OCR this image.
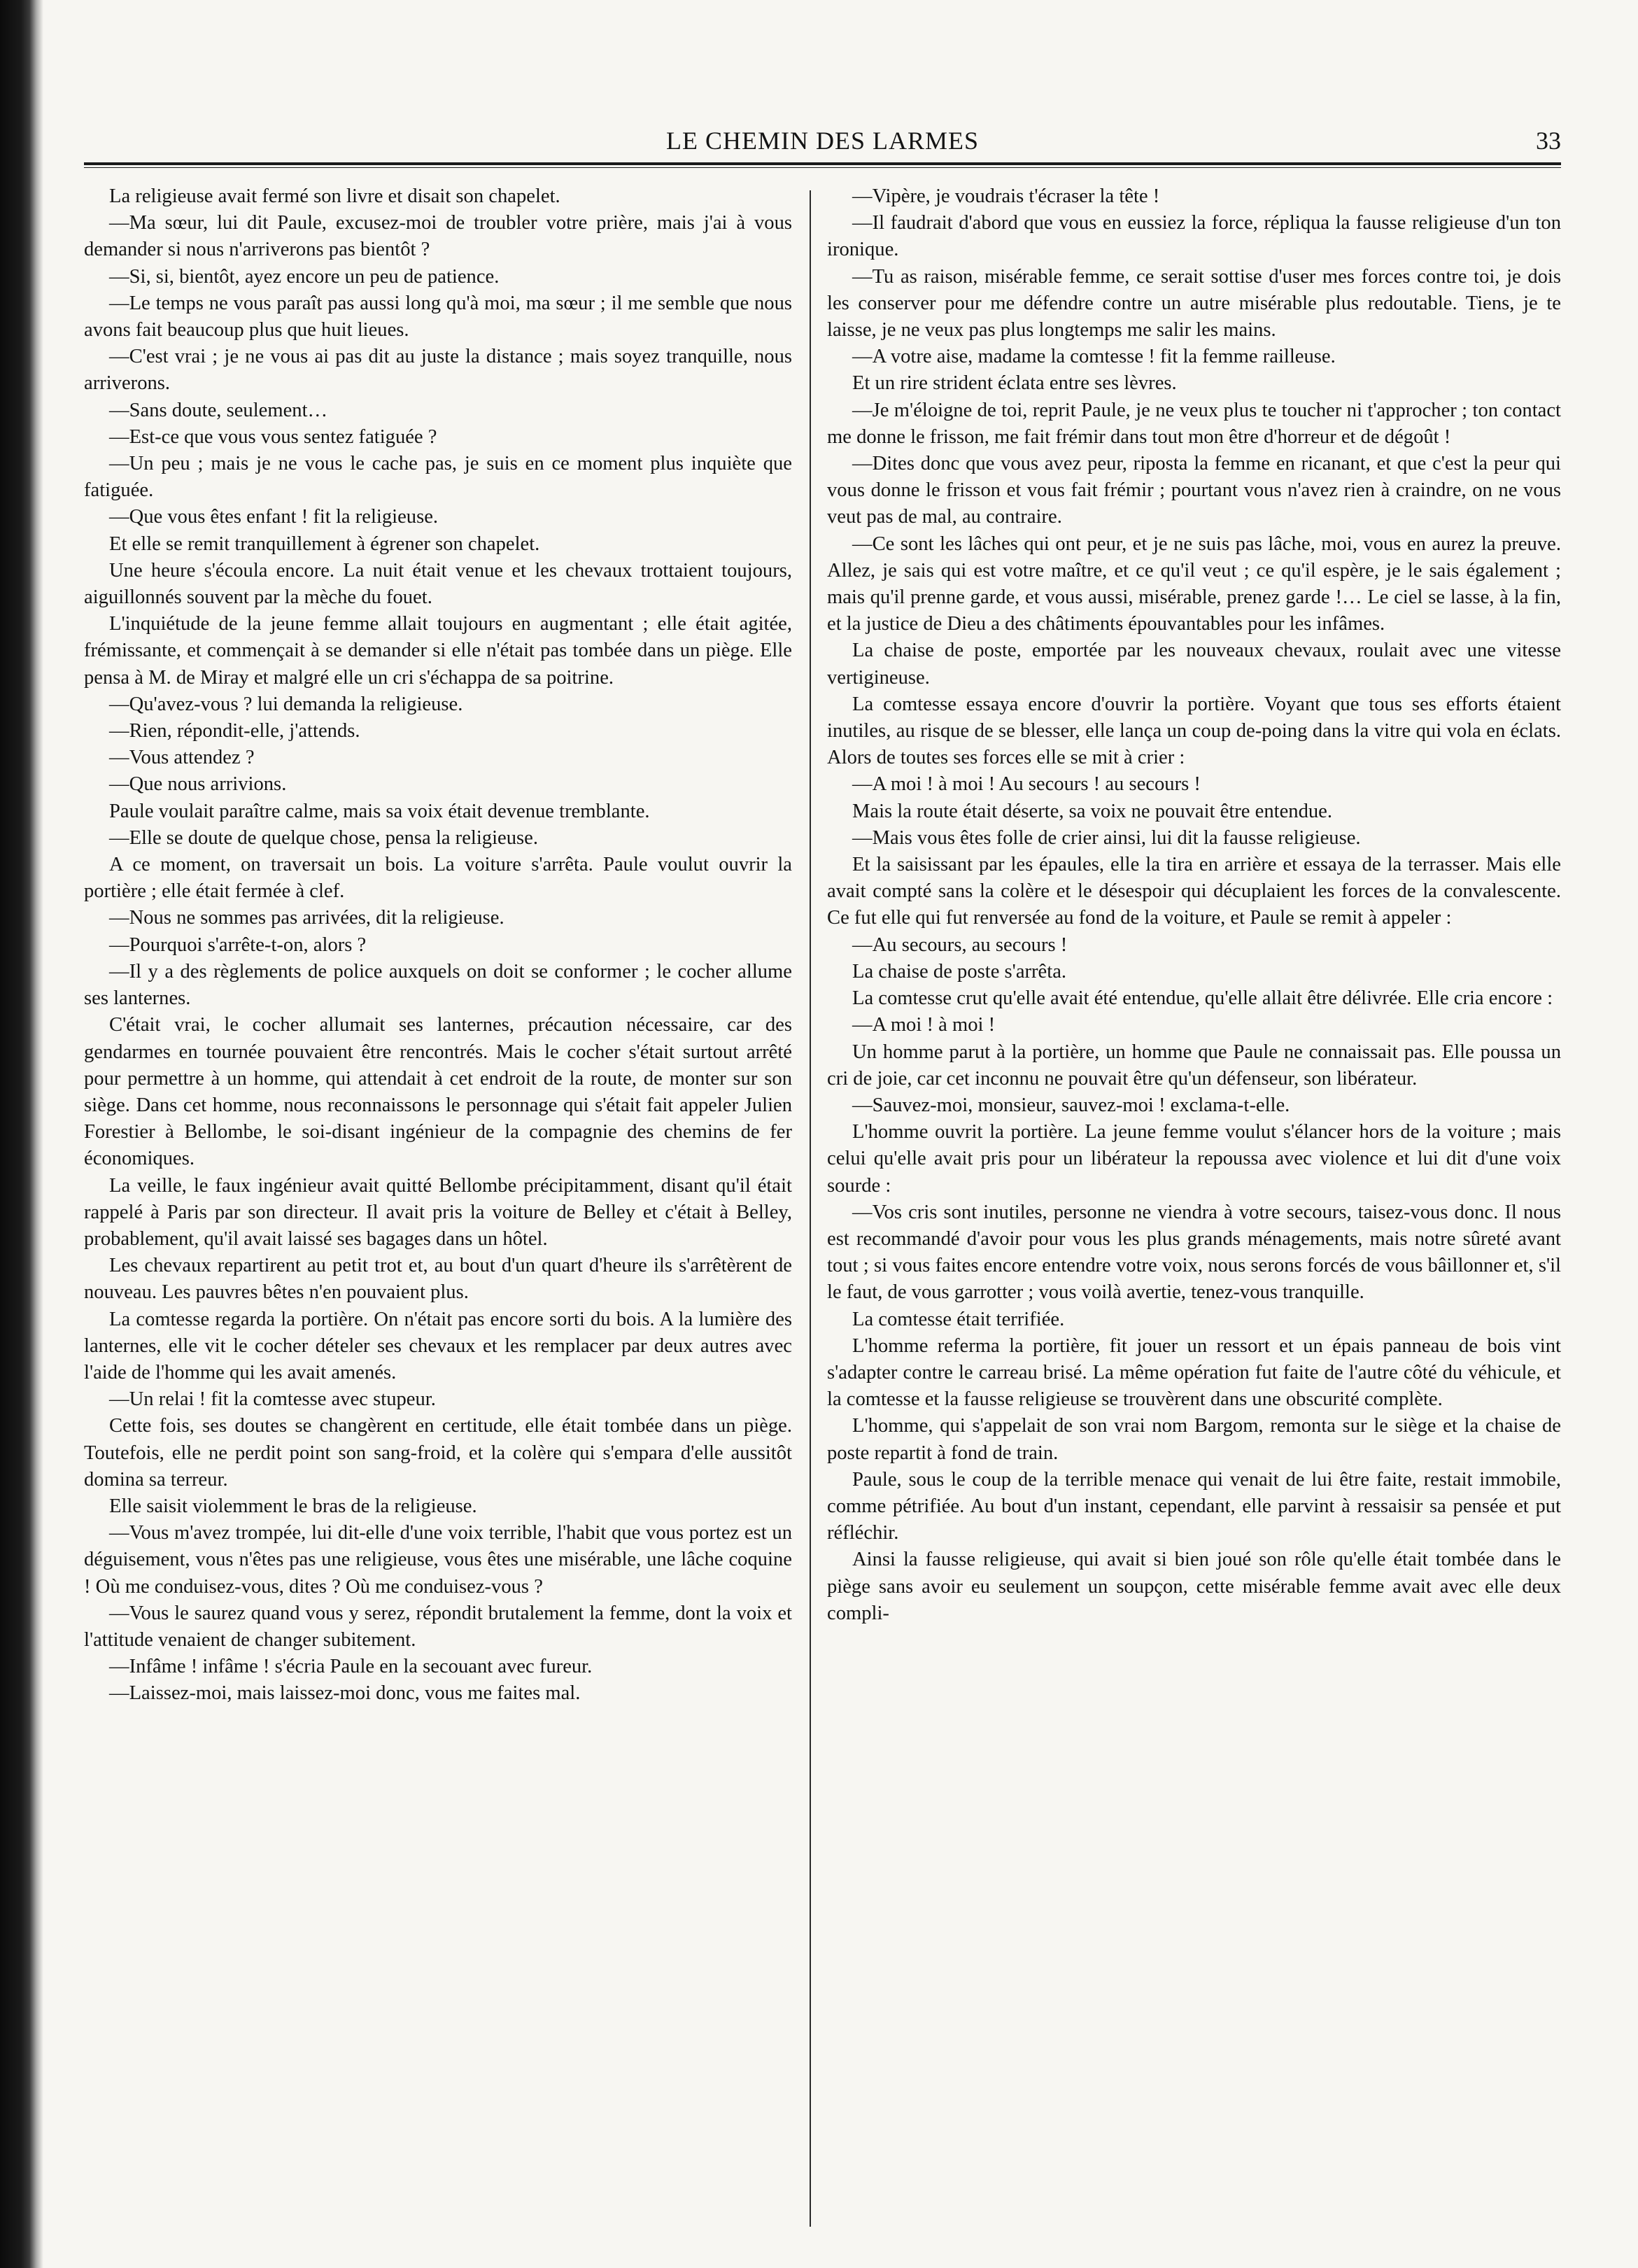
LE CHEMIN DES LARMES	33

La religieuse avait fermé son livre et disait son chapelet.

—Ma sœur, lui dit Paule, excusez-moi de troubler votre prière, mais j'ai à vous demander si nous n'arriverons pas bientôt ?

—Si, si, bientôt, ayez encore un peu de patience.

—Le temps ne vous paraît pas aussi long qu'à moi, ma sœur ; il me semble que nous avons fait beaucoup plus que huit lieues.

—C'est vrai ; je ne vous ai pas dit au juste la distance ; mais soyez tranquille, nous arriverons.

—Sans doute, seulement…

—Est-ce que vous vous sentez fatiguée ?

—Un peu ; mais je ne vous le cache pas, je suis en ce moment plus inquiète que fatiguée.

—Que vous êtes enfant ! fit la religieuse.

Et elle se remit tranquillement à égrener son chapelet.

Une heure s'écoula encore. La nuit était venue et les chevaux trottaient toujours, aiguillonnés souvent par la mèche du fouet.

L'inquiétude de la jeune femme allait toujours en augmentant ; elle était agitée, frémissante, et commençait à se demander si elle n'était pas tombée dans un piège. Elle pensa à M. de Miray et malgré elle un cri s'échappa de sa poitrine.

—Qu'avez-vous ? lui demanda la religieuse.

—Rien, répondit-elle, j'attends.

—Vous attendez ?

—Que nous arrivions.

Paule voulait paraître calme, mais sa voix était devenue tremblante.

—Elle se doute de quelque chose, pensa la religieuse.

A ce moment, on traversait un bois. La voiture s'arrêta. Paule voulut ouvrir la portière ; elle était fermée à clef.

—Nous ne sommes pas arrivées, dit la religieuse.

—Pourquoi s'arrête-t-on, alors ?

—Il y a des règlements de police auxquels on doit se conformer ; le cocher allume ses lanternes.

C'était vrai, le cocher allumait ses lanternes, précaution nécessaire, car des gendarmes en tournée pouvaient être rencontrés. Mais le cocher s'était surtout arrêté pour permettre à un homme, qui attendait à cet endroit de la route, de monter sur son siège. Dans cet homme, nous reconnaissons le personnage qui s'était fait appeler Julien Forestier à Bellombe, le soi-disant ingénieur de la compagnie des chemins de fer économiques.

La veille, le faux ingénieur avait quitté Bellombe précipitamment, disant qu'il était rappelé à Paris par son directeur. Il avait pris la voiture de Belley et c'était à Belley, probablement, qu'il avait laissé ses bagages dans un hôtel.

Les chevaux repartirent au petit trot et, au bout d'un quart d'heure ils s'arrêtèrent de nouveau. Les pauvres bêtes n'en pouvaient plus.

La comtesse regarda la portière. On n'était pas encore sorti du bois. A la lumière des lanternes, elle vit le cocher dételer ses chevaux et les remplacer par deux autres avec l'aide de l'homme qui les avait amenés.

—Un relai ! fit la comtesse avec stupeur.

Cette fois, ses doutes se changèrent en certitude, elle était tombée dans un piège. Toutefois, elle ne perdit point son sang-froid, et la colère qui s'empara d'elle aussitôt domina sa terreur.

Elle saisit violemment le bras de la religieuse.

—Vous m'avez trompée, lui dit-elle d'une voix terrible, l'habit que vous portez est un déguisement, vous n'êtes pas une religieuse, vous êtes une misérable, une lâche coquine ! Où me conduisez-vous, dites ? Où me conduisez-vous ?

—Vous le saurez quand vous y serez, répondit brutalement la femme, dont la voix et l'attitude venaient de changer subitement.

—Infâme ! infâme ! s'écria Paule en la secouant avec fureur.

—Laissez-moi, mais laissez-moi donc, vous me faites mal.

—Vipère, je voudrais t'écraser la tête !

—Il faudrait d'abord que vous en eussiez la force, répliqua la fausse religieuse d'un ton ironique.

—Tu as raison, misérable femme, ce serait sottise d'user mes forces contre toi, je dois les conserver pour me défendre contre un autre misérable plus redoutable. Tiens, je te laisse, je ne veux pas plus longtemps me salir les mains.

—A votre aise, madame la comtesse ! fit la femme railleuse.

Et un rire strident éclata entre ses lèvres.

—Je m'éloigne de toi, reprit Paule, je ne veux plus te toucher ni t'approcher ; ton contact me donne le frisson, me fait frémir dans tout mon être d'horreur et de dégoût !

—Dites donc que vous avez peur, riposta la femme en ricanant, et que c'est la peur qui vous donne le frisson et vous fait frémir ; pourtant vous n'avez rien à craindre, on ne vous veut pas de mal, au contraire.

—Ce sont les lâches qui ont peur, et je ne suis pas lâche, moi, vous en aurez la preuve. Allez, je sais qui est votre maître, et ce qu'il veut ; ce qu'il espère, je le sais également ; mais qu'il prenne garde, et vous aussi, misérable, prenez garde !… Le ciel se lasse, à la fin, et la justice de Dieu a des châtiments épouvantables pour les infâmes.

La chaise de poste, emportée par les nouveaux chevaux, roulait avec une vitesse vertigineuse.

La comtesse essaya encore d'ouvrir la portière. Voyant que tous ses efforts étaient inutiles, au risque de se blesser, elle lança un coup de-poing dans la vitre qui vola en éclats. Alors de toutes ses forces elle se mit à crier :

—A moi ! à moi ! Au secours ! au secours !

Mais la route était déserte, sa voix ne pouvait être entendue.

—Mais vous êtes folle de crier ainsi, lui dit la fausse religieuse.

Et la saisissant par les épaules, elle la tira en arrière et essaya de la terrasser. Mais elle avait compté sans la colère et le désespoir qui décuplaient les forces de la convalescente. Ce fut elle qui fut renversée au fond de la voiture, et Paule se remit à appeler :

—Au secours, au secours !

La chaise de poste s'arrêta.

La comtesse crut qu'elle avait été entendue, qu'elle allait être délivrée. Elle cria encore :

—A moi ! à moi !

Un homme parut à la portière, un homme que Paule ne connaissait pas. Elle poussa un cri de joie, car cet inconnu ne pouvait être qu'un défenseur, son libérateur.

—Sauvez-moi, monsieur, sauvez-moi ! exclama-t-elle.

L'homme ouvrit la portière. La jeune femme voulut s'élancer hors de la voiture ; mais celui qu'elle avait pris pour un libérateur la repoussa avec violence et lui dit d'une voix sourde :

—Vos cris sont inutiles, personne ne viendra à votre secours, taisez-vous donc. Il nous est recommandé d'avoir pour vous les plus grands ménagements, mais notre sûreté avant tout ; si vous faites encore entendre votre voix, nous serons forcés de vous bâillonner et, s'il le faut, de vous garrotter ; vous voilà avertie, tenez-vous tranquille.

La comtesse était terrifiée.

L'homme referma la portière, fit jouer un ressort et un épais panneau de bois vint s'adapter contre le carreau brisé. La même opération fut faite de l'autre côté du véhicule, et la comtesse et la fausse religieuse se trouvèrent dans une obscurité complète.

L'homme, qui s'appelait de son vrai nom Bargom, remonta sur le siège et la chaise de poste repartit à fond de train.

Paule, sous le coup de la terrible menace qui venait de lui être faite, restait immobile, comme pétrifiée. Au bout d'un instant, cependant, elle parvint à ressaisir sa pensée et put réfléchir.

Ainsi la fausse religieuse, qui avait si bien joué son rôle qu'elle était tombée dans le piège sans avoir eu seulement un soupçon, cette misérable femme avait avec elle deux compli-
